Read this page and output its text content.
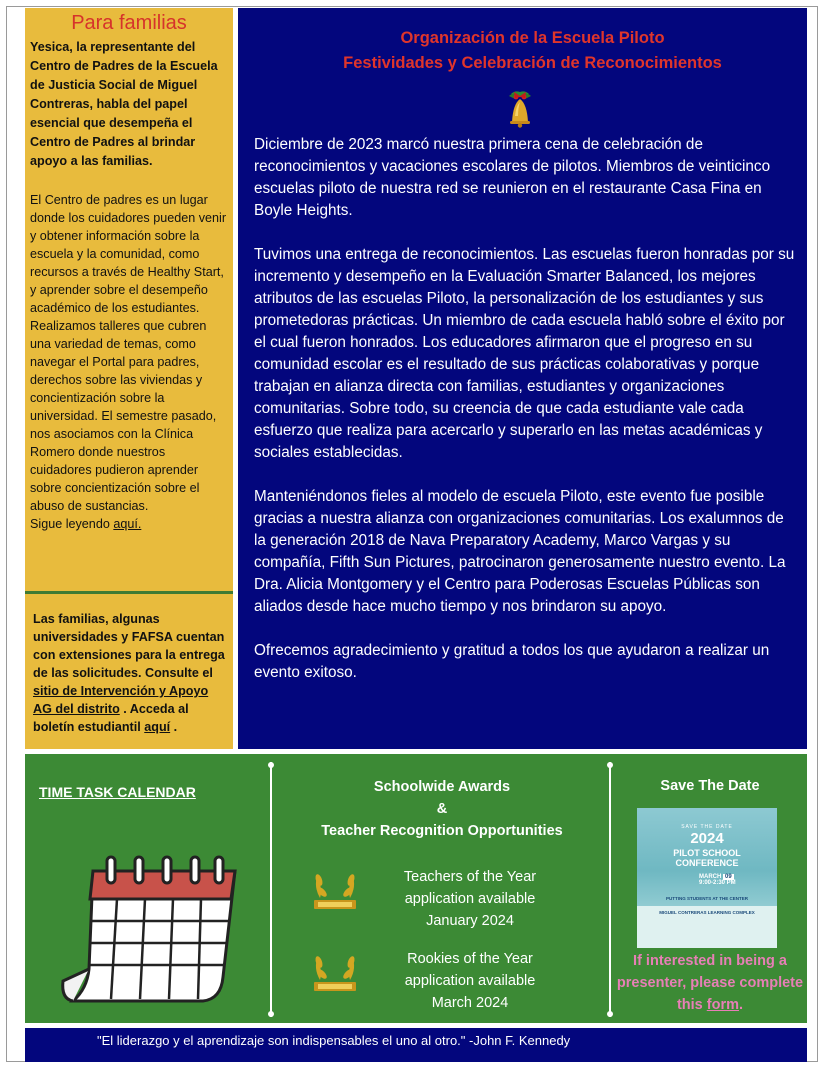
Para familias

Yesica, la representante del Centro de Padres de la Escuela de Justicia Social de Miguel Contreras, habla del papel esencial que desempeña el Centro de Padres al brindar apoyo a las familias.

El Centro de padres es un lugar donde los cuidadores pueden venir y obtener información sobre la escuela y la comunidad, como recursos a través de Healthy Start, y aprender sobre el desempeño académico de los estudiantes. Realizamos talleres que cubren una variedad de temas, como navegar el Portal para padres, derechos sobre las viviendas y concientización sobre la universidad. El semestre pasado, nos asociamos con la Clínica Romero donde nuestros cuidadores pudieron aprender sobre concientización sobre el abuso de sustancias.
Sigue leyendo aquí.

Las familias, algunas universidades y FAFSA cuentan con extensiones para la entrega de las solicitudes. Consulte el sitio de Intervención y Apoyo AG del distrito . Acceda al boletín estudiantil aquí .

Organización de la Escuela Piloto
Festividades y Celebración de Reconocimientos

Diciembre de 2023 marcó nuestra primera cena de celebración de reconocimientos y vacaciones escolares de pilotos. Miembros de veinticinco escuelas piloto de nuestra red se reunieron en el restaurante Casa Fina en Boyle Heights.

Tuvimos una entrega de reconocimientos. Las escuelas fueron honradas por su incremento y desempeño en la Evaluación Smarter Balanced, los mejores atributos de las escuelas Piloto, la personalización de los estudiantes y sus prometedoras prácticas. Un miembro de cada escuela habló sobre el éxito por el cual fueron honrados. Los educadores afirmaron que el progreso en su comunidad escolar es el resultado de sus prácticas colaborativas y porque trabajan en alianza directa con familias, estudiantes y organizaciones comunitarias. Sobre todo, su creencia de que cada estudiante vale cada esfuerzo que realiza para acercarlo y superarlo en las metas académicas y sociales establecidas.

Manteniéndonos fieles al modelo de escuela Piloto, este evento fue posible gracias a nuestra alianza con organizaciones comunitarias. Los exalumnos de la generación 2018 de Nava Preparatory Academy, Marco Vargas y su compañía, Fifth Sun Pictures, patrocinaron generosamente nuestro evento. La Dra. Alicia Montgomery y el Centro para Poderosas Escuelas Públicas son aliados desde hace mucho tiempo y nos brindaron su apoyo.

Ofrecemos agradecimiento y gratitud a todos los que ayudaron a realizar un evento exitoso.

TIME TASK CALENDAR	Schoolwide Awards
&
Teacher Recognition Opportunities
Teachers of the Year
application available
January 2024
Rookies of the Year
application available
March 2024
Save The Date
SAVE THE DATE
2024
PILOT SCHOOL
CONFERENCE
MARCH 09
9:00-2:30 PM
PUTTING STUDENTS AT THE CENTER
MIGUEL CONTRERAS LEARNING COMPLEX
If interested in being a presenter, please complete this form.
"El liderazgo y el aprendizaje son indispensables el uno al otro." -John F. Kennedy
